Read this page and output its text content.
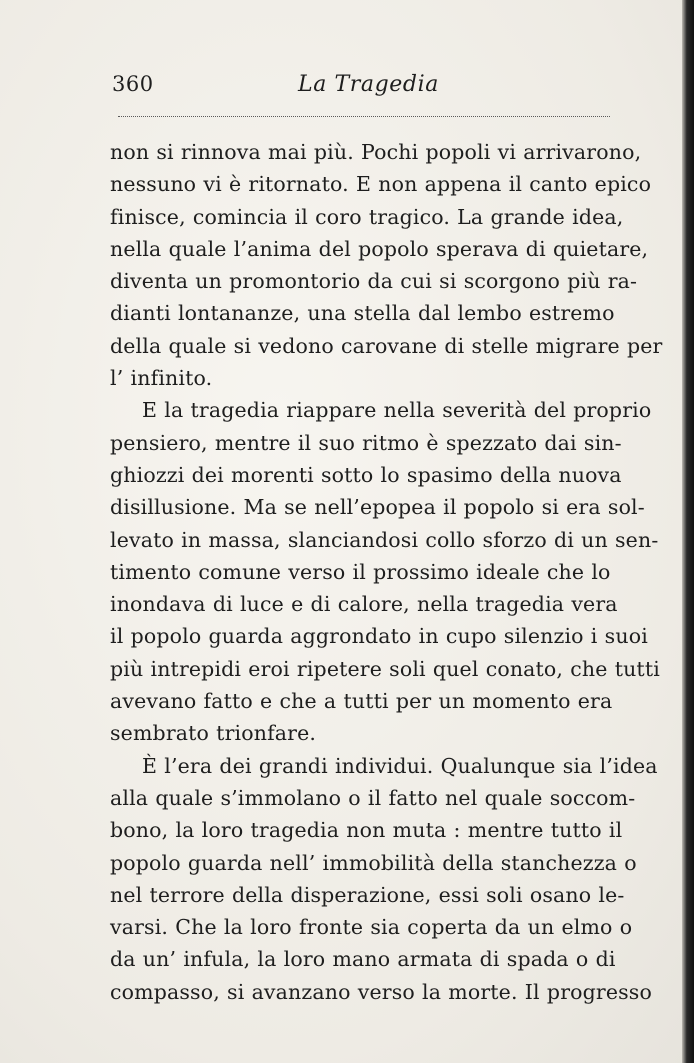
360	La Tragedia
non si rinnova mai più. Pochi popoli vi arrivarono,
nessuno vi è ritornato. E non appena il canto epico
finisce, comincia il coro tragico. La grande idea,
nella quale l’anima del popolo sperava di quietare,
diventa un promontorio da cui si scorgono più ra-
dianti lontananze, una stella dal lembo estremo
della quale si vedono carovane di stelle migrare per
l’ infinito.
E la tragedia riappare nella severità del proprio
pensiero, mentre il suo ritmo è spezzato dai sin-
ghiozzi dei morenti sotto lo spasimo della nuova
disillusione. Ma se nell’epopea il popolo si era sol-
levato in massa, slanciandosi collo sforzo di un sen-
timento comune verso il prossimo ideale che lo
inondava di luce e di calore, nella tragedia vera
il popolo guarda aggrondato in cupo silenzio i suoi
più intrepidi eroi ripetere soli quel conato, che tutti
avevano fatto e che a tutti per un momento era
sembrato trionfare.
È l’era dei grandi individui. Qualunque sia l’idea
alla quale s’immolano o il fatto nel quale soccom-
bono, la loro tragedia non muta : mentre tutto il
popolo guarda nell’ immobilità della stanchezza o
nel terrore della disperazione, essi soli osano le-
varsi. Che la loro fronte sia coperta da un elmo o
da un’ infula, la loro mano armata di spada o di
compasso, si avanzano verso la morte. Il progresso
